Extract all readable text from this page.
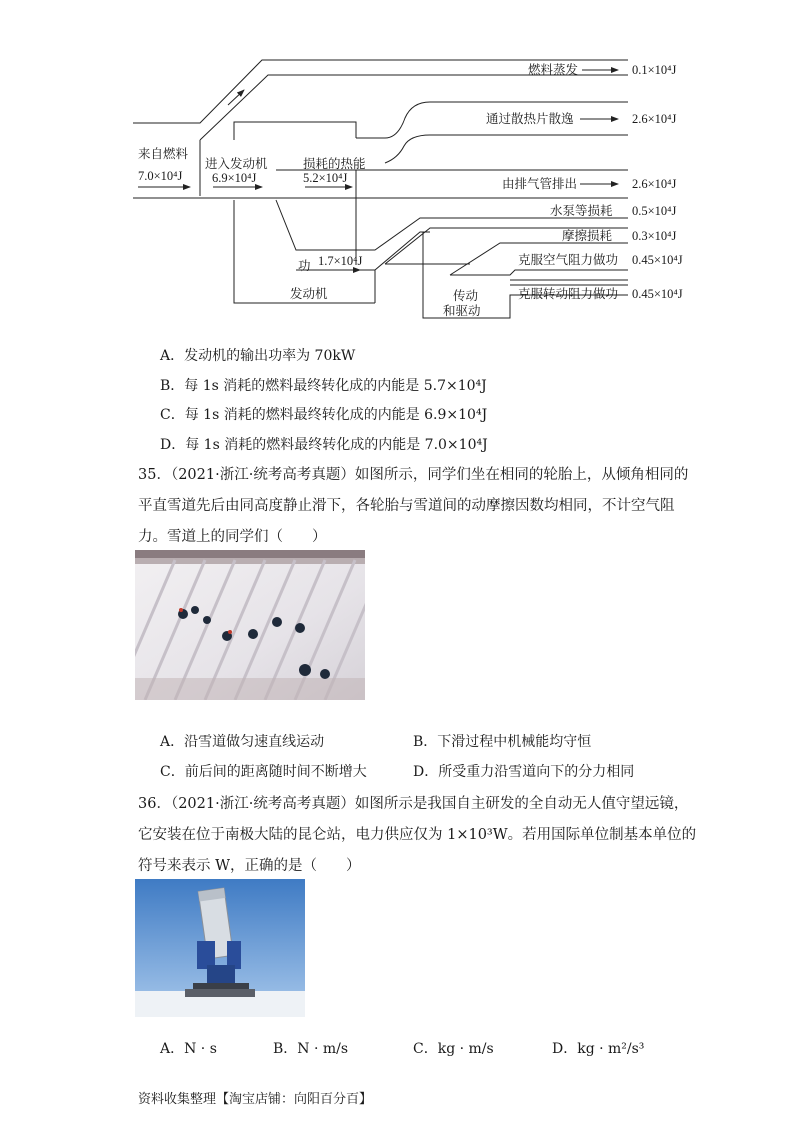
来自燃料
7.0×10⁴J
进入发动机
6.9×10⁴J
损耗的热能
5.2×10⁴J
功 1.7×10⁴J
发动机	传动
和驱动
燃料蒸发	0.1×10⁴J
通过散热片散逸	2.6×10⁴J
由排气管排出	2.6×10⁴J
水泵等损耗 0.5×10⁴J
摩擦损耗 0.3×10⁴J
克服空气阻力做功 0.45×10⁴J
克服转动阻力做功 0.45×10⁴J
A．发动机的输出功率为 70kW
B．每 1s 消耗的燃料最终转化成的内能是 5.7×10⁴J
C．每 1s 消耗的燃料最终转化成的内能是 6.9×10⁴J
D．每 1s 消耗的燃料最终转化成的内能是 7.0×10⁴J
35．（2021·浙江·统考高考真题）如图所示，同学们坐在相同的轮胎上，从倾角相同的
平直雪道先后由同高度静止滑下，各轮胎与雪道间的动摩擦因数均相同，不计空气阻
力。雪道上的同学们（　　）
A．沿雪道做匀速直线运动	B．下滑过程中机械能均守恒
C．前后间的距离随时间不断增大	D．所受重力沿雪道向下的分力相同
36．（2021·浙江·统考高考真题）如图所示是我国自主研发的全自动无人值守望远镜，
它安装在位于南极大陆的昆仑站，电力供应仅为 1×10³W。若用国际单位制基本单位的
符号来表示 W，正确的是（　　）
A．N · s	B．N · m/s	C．kg · m/s	D．kg · m²/s³
资料收集整理【淘宝店铺：向阳百分百】
